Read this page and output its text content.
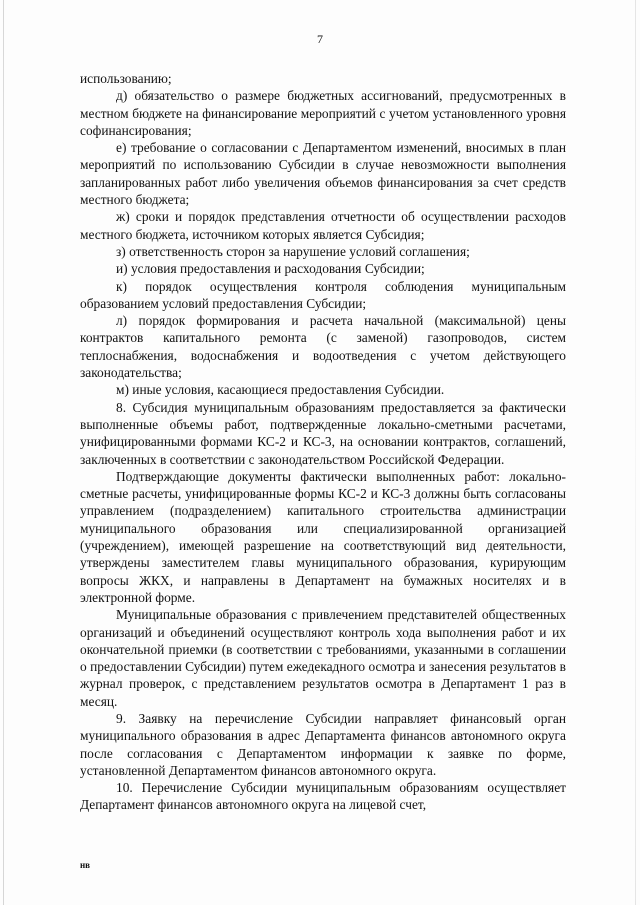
7

использованию;

д) обязательство о размере бюджетных ассигнований, предусмотренных в местном бюджете на финансирование мероприятий с учетом установленного уровня софинансирования;

е) требование о согласовании с Департаментом изменений, вносимых в план мероприятий по использованию Субсидии в случае невозможности выполнения запланированных работ либо увеличения объемов финансирования за счет средств местного бюджета;

ж) сроки и порядок представления отчетности об осуществлении расходов местного бюджета, источником которых является Субсидия;

з) ответственность сторон за нарушение условий соглашения;

и) условия предоставления и расходования Субсидии;

к) порядок осуществления контроля соблюдения муниципальным образованием условий предоставления Субсидии;

л) порядок формирования и расчета начальной (максимальной) цены контрактов капитального ремонта (с заменой) газопроводов, систем теплоснабжения, водоснабжения и водоотведения с учетом действующего законодательства;

м) иные условия, касающиеся предоставления Субсидии.

8. Субсидия муниципальным образованиям предоставляется за фактически выполненные объемы работ, подтвержденные локально-сметными расчетами, унифицированными формами КС-2 и КС-3, на основании контрактов, соглашений, заключенных в соответствии с законодательством Российской Федерации.

Подтверждающие документы фактически выполненных работ: локально-сметные расчеты, унифицированные формы КС-2 и КС-3 должны быть согласованы управлением (подразделением) капитального строительства администрации муниципального образования или специализированной организацией (учреждением), имеющей разрешение на соответствующий вид деятельности, утверждены заместителем главы муниципального образования, курирующим вопросы ЖКХ, и направлены в Департамент на бумажных носителях и в электронной форме.

Муниципальные образования с привлечением представителей общественных организаций и объединений осуществляют контроль хода выполнения работ и их окончательной приемки (в соответствии с требованиями, указанными в соглашении о предоставлении Субсидии) путем ежедекадного осмотра и занесения результатов в журнал проверок, с представлением результатов осмотра в Департамент 1 раз в месяц.

9. Заявку на перечисление Субсидии направляет финансовый орган муниципального образования в адрес Департамента финансов автономного округа после согласования с Департаментом информации к заявке по форме, установленной Департаментом финансов автономного округа.

10. Перечисление Субсидии муниципальным образованиям осуществляет Департамент финансов автономного округа на лицевой счет,

нв
